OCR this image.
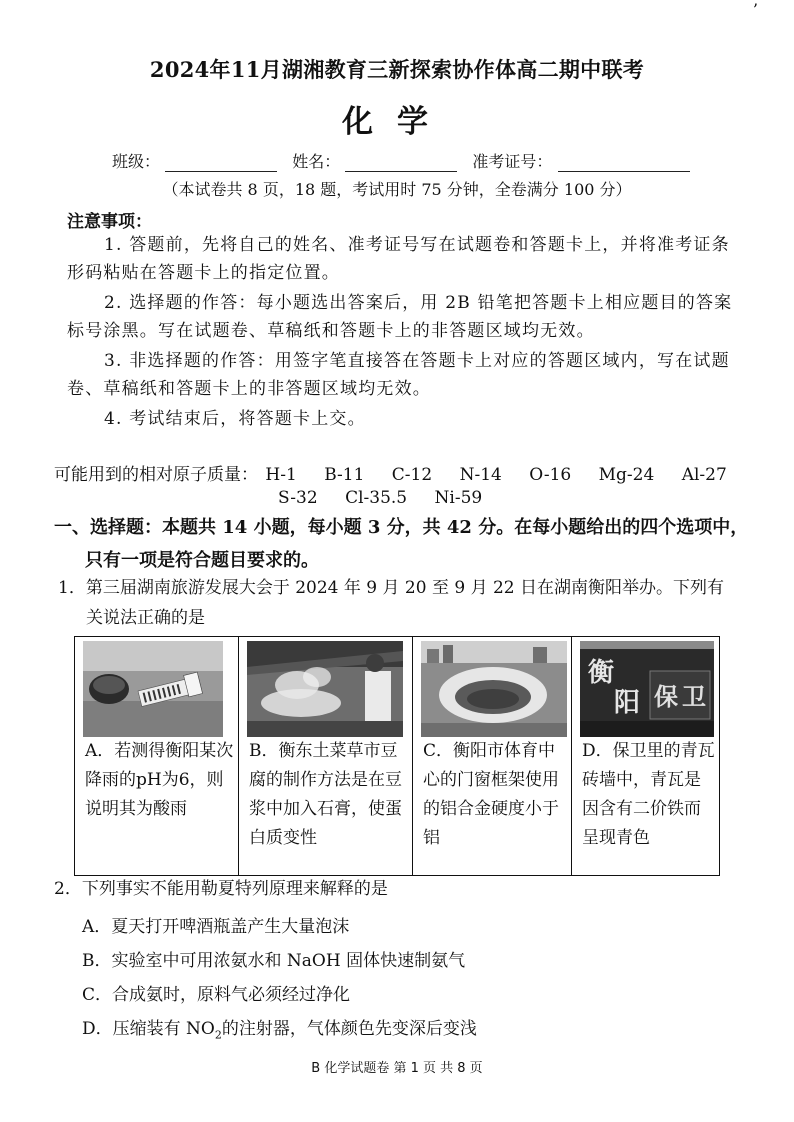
’
2024年11月湖湘教育三新探索协作体高二期中联考
化学
班级：	姓名：	准考证号：
（本试卷共 8 页，18 题，考试用时 75 分钟，全卷满分 100 分）
注意事项：
1. 答题前，先将自己的姓名、准考证号写在试题卷和答题卡上，并将准考证条形码粘贴在答题卡上的指定位置。
2. 选择题的作答：每小题选出答案后，用 2B 铅笔把答题卡上相应题目的答案标号涂黑。写在试题卷、草稿纸和答题卡上的非答题区域均无效。
3. 非选择题的作答：用签字笔直接答在答题卡上对应的答题区域内，写在试题卷、草稿纸和答题卡上的非答题区域均无效。
4. 考试结束后，将答题卡上交。
可能用到的相对原子质量： H-1 B-11 C-12 N-14 O-16 Mg-24 Al-27
S-32 Cl-35.5 Ni-59
一、选择题：本题共 14 小题，每小题 3 分，共 42 分。在每小题给出的四个选项中，
只有一项是符合题目要求的。
1．第三届湖南旅游发展大会于 2024 年 9 月 20 至 9 月 22 日在湖南衡阳举办。下列有
关说法正确的是
A．若测得衡阳某次降雨的pH为6，则说明其为酸雨
B．衡东土菜草市豆腐的制作方法是在豆浆中加入石膏，使蛋白质变性
C．衡阳市体育中心的门窗框架使用的铝合金硬度小于铝
衡
阳 保 卫
D．保卫里的青瓦砖墙中，青瓦是因含有二价铁而呈现青色
2．下列事实不能用勒夏特列原理来解释的是
A．夏天打开啤酒瓶盖产生大量泡沫
B．实验室中可用浓氨水和 NaOH 固体快速制氨气
C．合成氨时，原料气必须经过净化
D．压缩装有 $NO_2$的注射器，气体颜色先变深后变浅
B 化学试题卷 第 1 页 共 8 页
